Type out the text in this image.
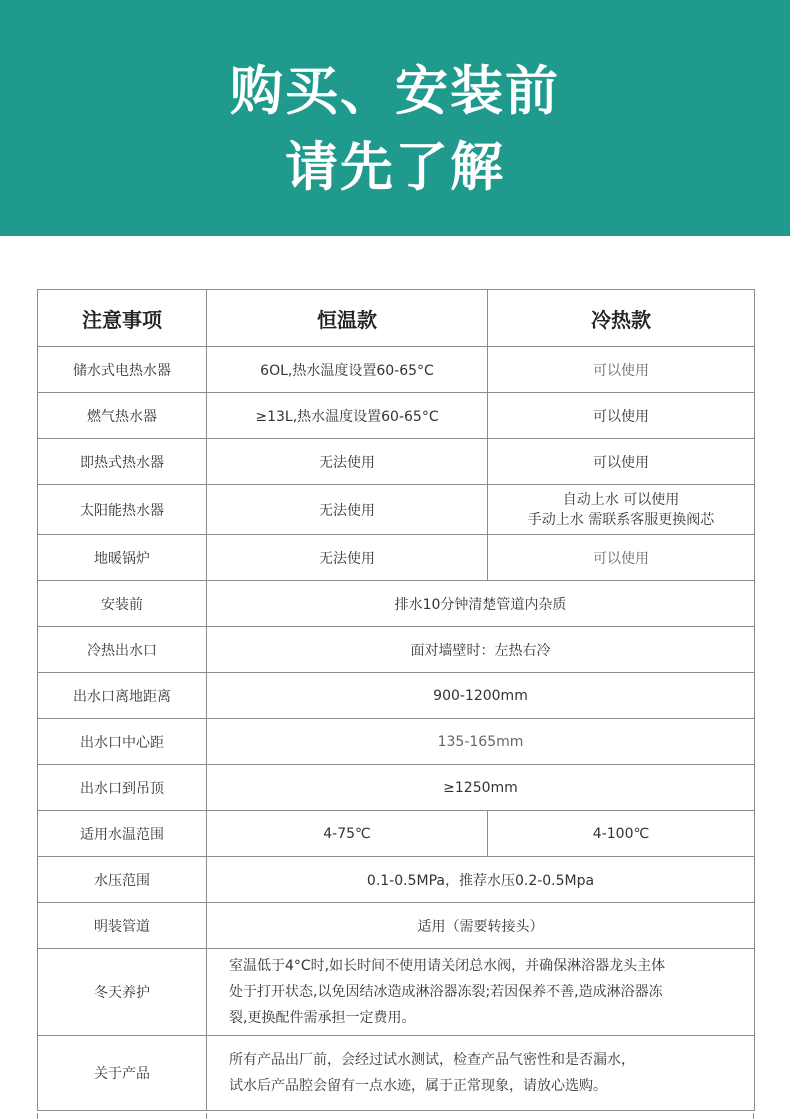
购买、安装前
请先了解
注意事项	恒温款	冷热款
储水式电热水器	6OL,热水温度设置60-65°C	可以使用
燃气热水器	≥13L,热水温度设置60-65°C	可以使用
即热式热水器	无法使用	可以使用
太阳能热水器	无法使用	自动上水 可以使用
手动上水 需联系客服更换阀芯

地暖锅炉	无法使用	可以使用
安装前	排水10分钟清楚管道内杂质	
冷热出水口	面对墙壁时：左热右冷	
出水口离地距离	900-1200mm	
出水口中心距	135-165mm	
出水口到吊顶	≥1250mm	
适用水温范围	4-75℃	4-100℃
水压范围	0.1-0.5MPa，推荐水压0.2-0.5Mpa	
明装管道	适用（需要转接头）	
冬天养护	室温低于4°C时,如长时间不使用请关闭总水阀，并确保淋浴器龙头主体
处于打开状态,以免因结冰造成淋浴器冻裂;若因保养不善,造成淋浴器冻
裂,更换配件需承担一定费用。	

关于产品	所有产品出厂前，会经过试水测试，检查产品气密性和是否漏水，
试水后产品腔会留有一点水迹，属于正常现象，请放心选购。	
